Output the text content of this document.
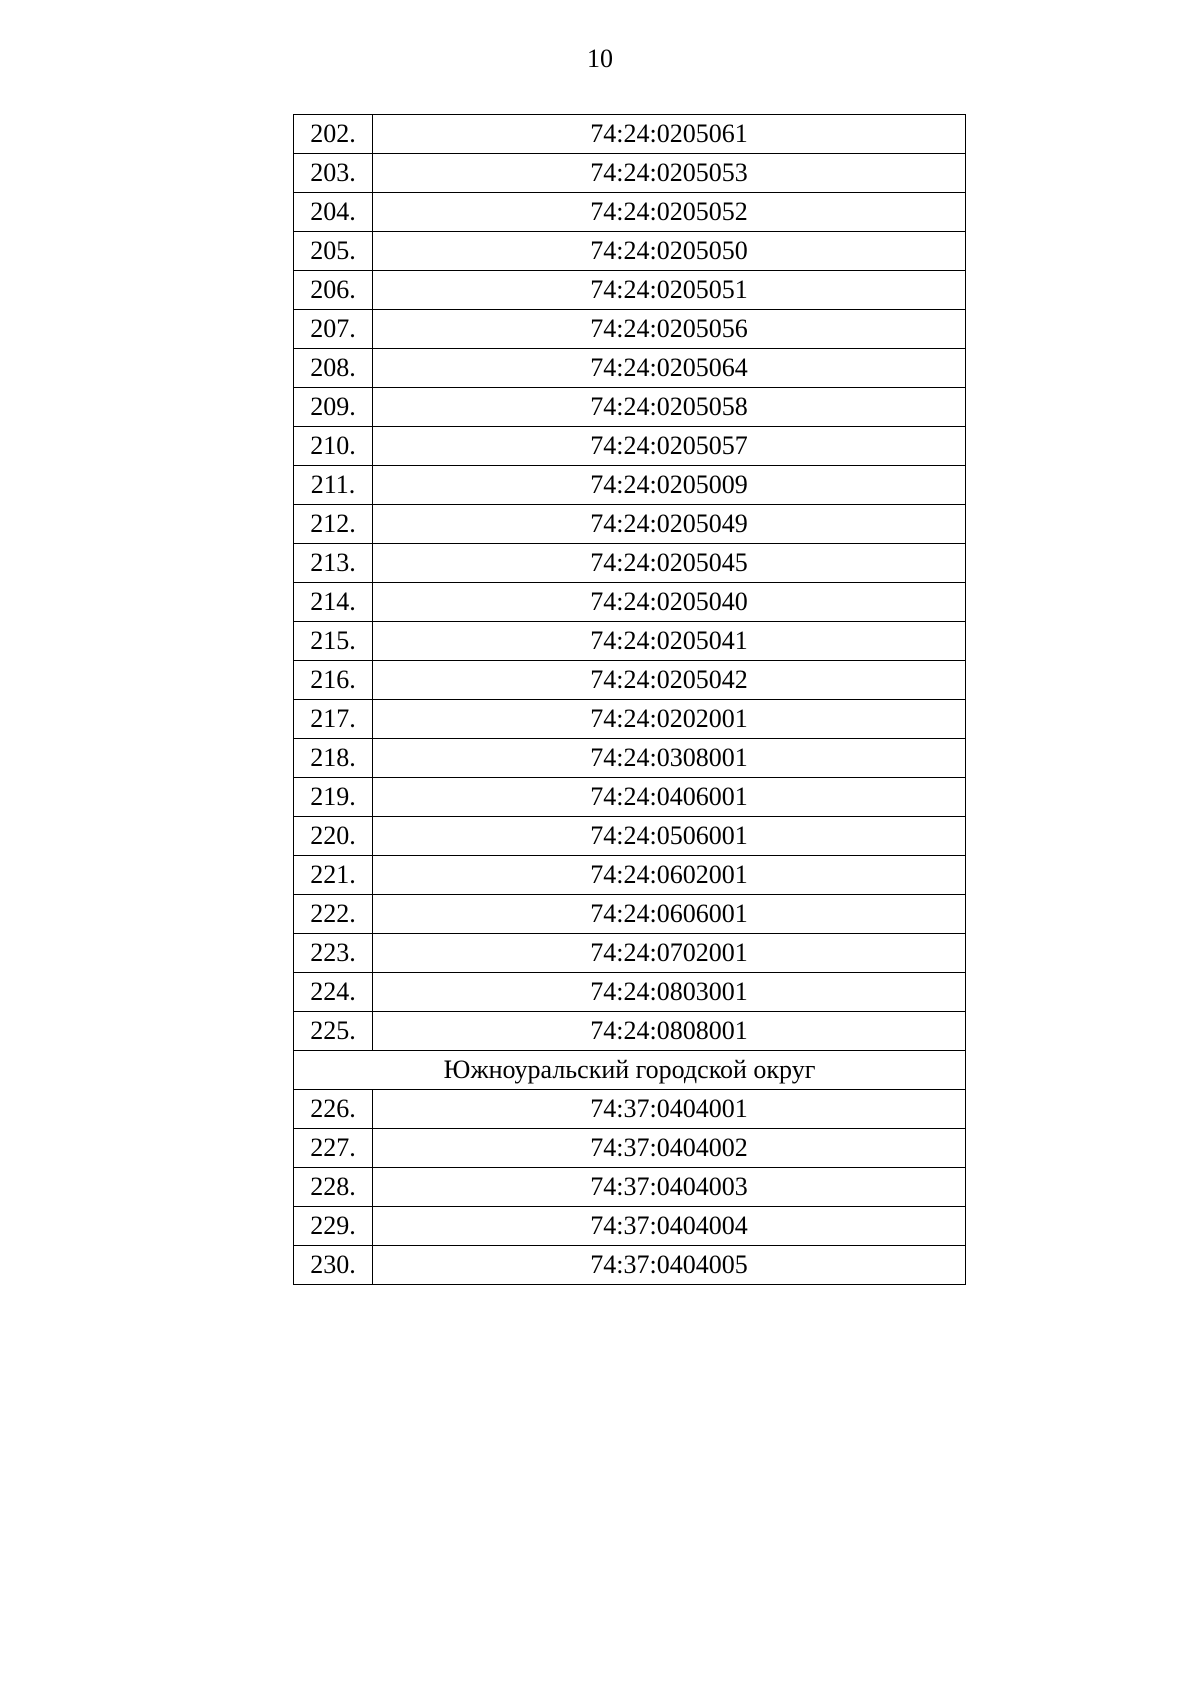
10
202.	74:24:0205061
203.	74:24:0205053
204.	74:24:0205052
205.	74:24:0205050
206.	74:24:0205051
207.	74:24:0205056
208.	74:24:0205064
209.	74:24:0205058
210.	74:24:0205057
211.	74:24:0205009
212.	74:24:0205049
213.	74:24:0205045
214.	74:24:0205040
215.	74:24:0205041
216.	74:24:0205042
217.	74:24:0202001
218.	74:24:0308001
219.	74:24:0406001
220.	74:24:0506001
221.	74:24:0602001
222.	74:24:0606001
223.	74:24:0702001
224.	74:24:0803001
225.	74:24:0808001
Южноуральский городской округ	
226.	74:37:0404001
227.	74:37:0404002
228.	74:37:0404003
229.	74:37:0404004
230.	74:37:0404005
